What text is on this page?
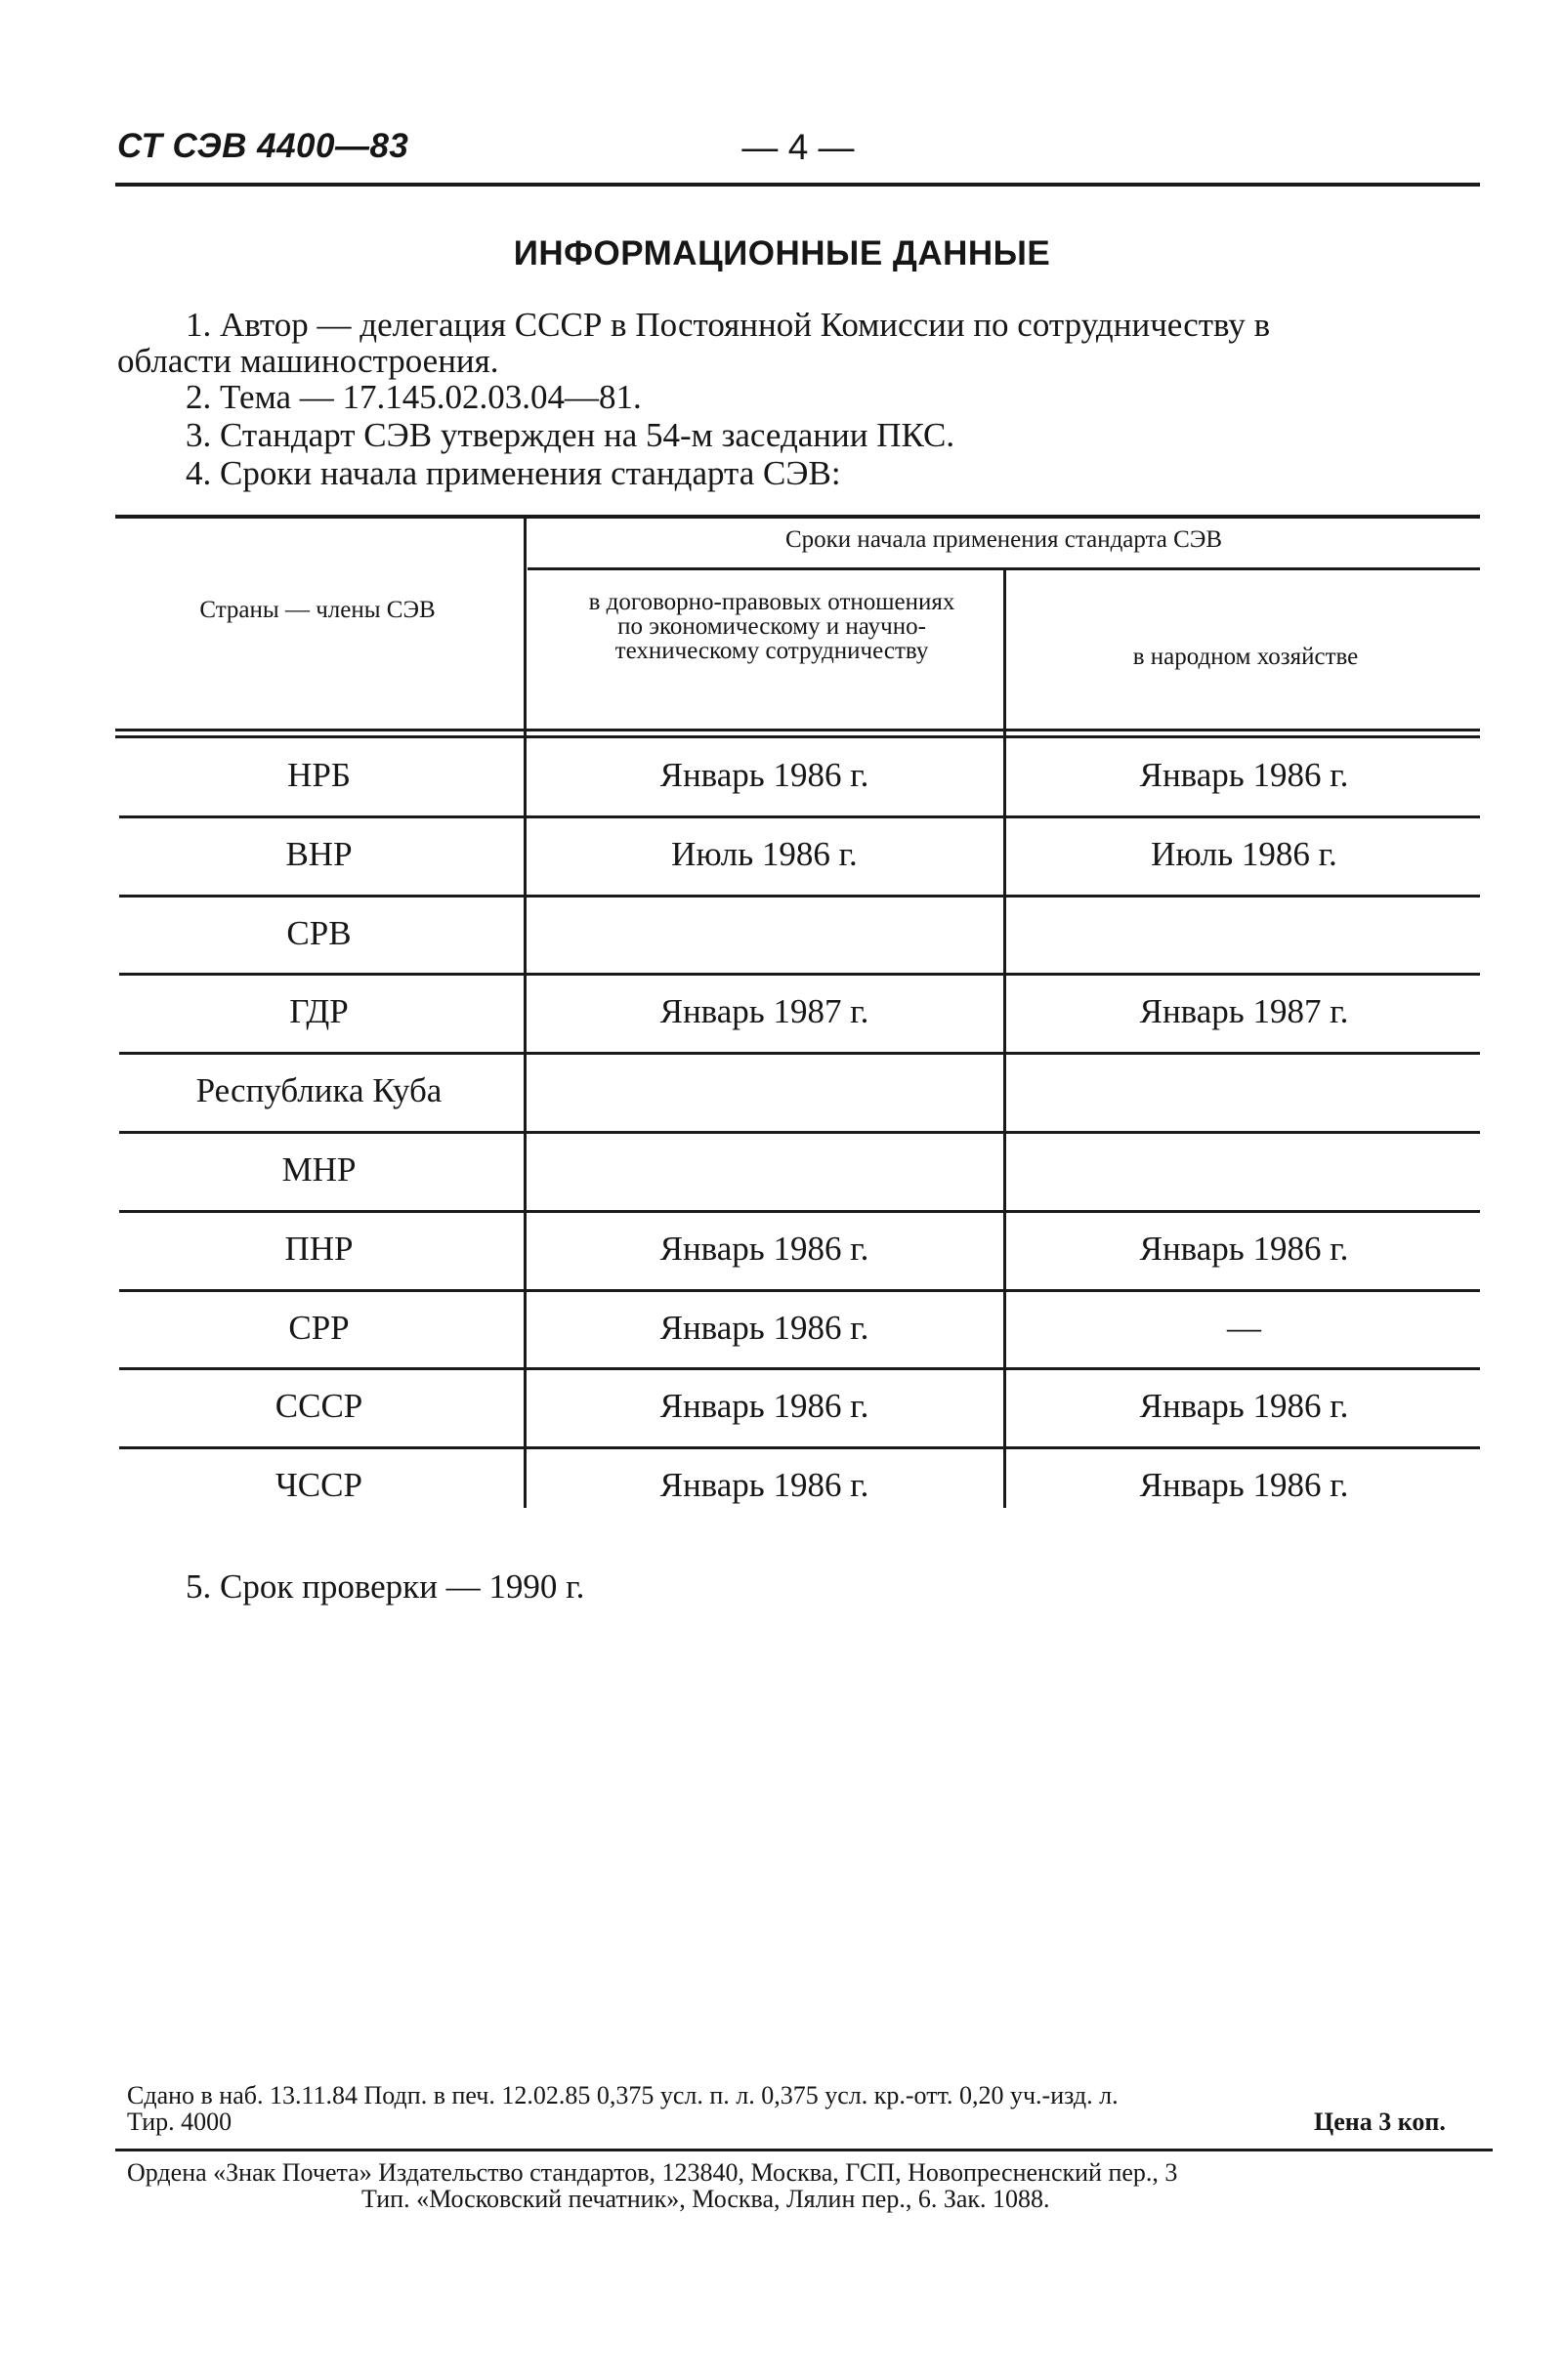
СТ СЭВ 4400—83	— 4 —
ИНФОРМАЦИОННЫЕ ДАННЫЕ
1. Автор — делегация СССР в Постоянной Комиссии по сотрудничеству в
области машиностроения.
2. Тема — 17.145.02.03.04—81.
3. Стандарт СЭВ утвержден на 54-м заседании ПКС.
4. Сроки начала применения стандарта СЭВ:
Страны — члены СЭВ
Сроки начала применения стандарта СЭВ
в договорно-правовых отношениях по экономическому и научно-техническому сотрудничеству	в народном хозяйстве
НРБ	Январь 1986 г.	Январь 1986 г.
ВНР	Июль 1986 г.	Июль 1986 г.
СРВ
ГДР	Январь 1987 г.	Январь 1987 г.
Республика Куба
МНР
ПНР	Январь 1986 г.	Январь 1986 г.
СРР	Январь 1986 г.	—
СССР	Январь 1986 г.	Январь 1986 г.
ЧССР	Январь 1986 г.	Январь 1986 г.
5. Срок проверки — 1990 г.
Сдано в наб. 13.11.84 Подп. в печ. 12.02.85 0,375 усл. п. л. 0,375 усл. кр.-отт. 0,20 уч.-изд. л.
Тир. 4000	Цена 3 коп.
Ордена «Знак Почета» Издательство стандартов, 123840, Москва, ГСП, Новопресненский пер., 3
Тип. «Московский печатник», Москва, Лялин пер., 6. Зак. 1088.
